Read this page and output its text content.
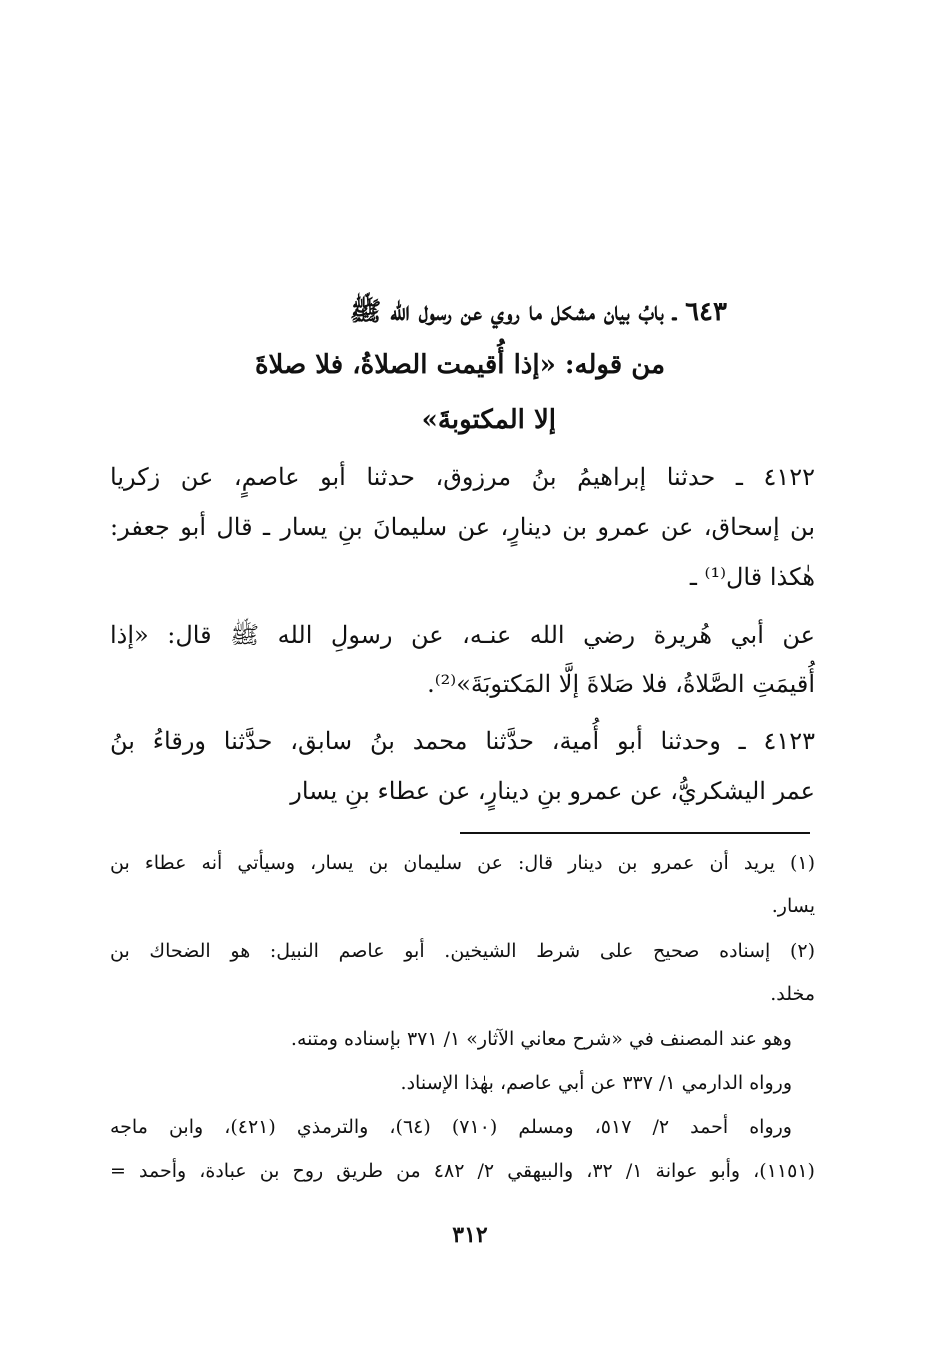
٦٤٣ ـ بابُ بيان مشكل ما روي عن رسول الله ﷺ
من قوله: «إذا أُقيمت الصلاةُ، فلا صلاةَ
إلا المكتوبةَ»
٤١٢٢ ـ حدثنا إبراهيمُ بنُ مرزوق، حدثنا أبو عاصمٍ، عن زكريا
بن إسحاق، عن عمرو بن دينارٍ، عن سليمانَ بنِ يسار ـ قال أبو جعفر:
هٰكذا قال⁽¹⁾ ـ
عن أبي هُريرة رضي الله عنـه، عن رسولِ الله ﷺ قال: «إذا
أُقيمَتِ الصَّلاةُ، فلا صَلاةَ إلَّا المَكتوبَةَ»⁽²⁾.
٤١٢٣ ـ وحدثنا أبو أُمية، حدَّثنا محمد بنُ سابق، حدَّثنا ورقاءُ بنُ
عمر اليشكريُّ، عن عمرو بنِ دينارٍ، عن عطاء بنِ يسار
(١) يريد أن عمرو بن دينار قال: عن سليمان بن يسار، وسيأتي أنه عطاء بن
يسار.
(٢) إسناده صحيح على شرط الشيخين. أبو عاصم النبيل: هو الضحاك بن
مخلد.
وهو عند المصنف في «شرح معاني الآثار» ١/ ٣٧١ بإسناده ومتنه.
ورواه الدارمي ١/ ٣٣٧ عن أبي عاصم، بهٰذا الإسناد.
ورواه أحمد ٢/ ٥١٧، ومسلم (٧١٠) (٦٤)، والترمذي (٤٢١)، وابن ماجه
(١١٥١)، وأبو عوانة ١/ ٣٢، والبيهقي ٢/ ٤٨٢ من طريق روح بن عبادة، وأحمد =
٣١٢
